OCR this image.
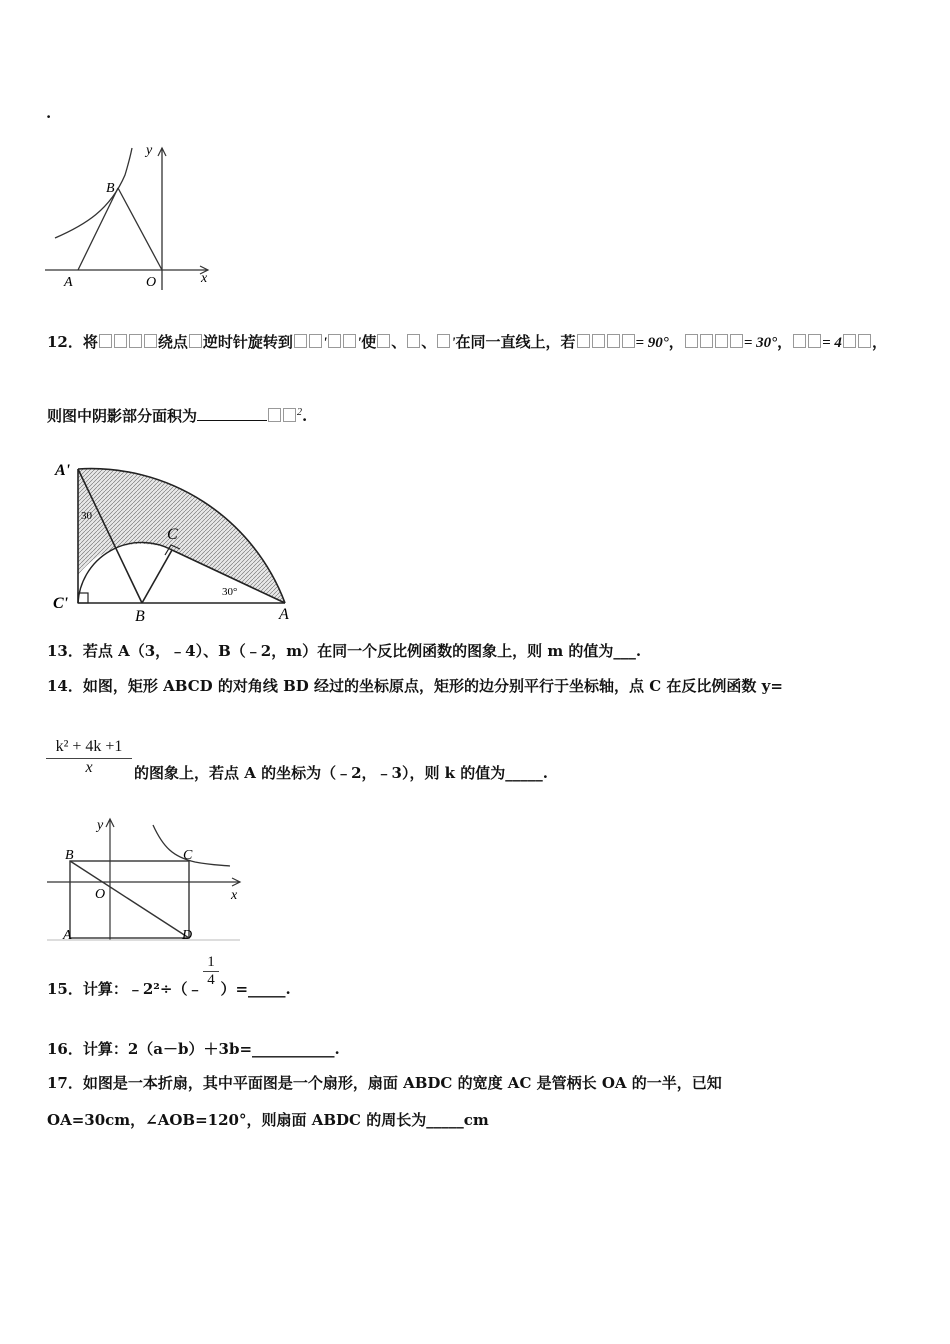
.
y
x
B
A	O
12．将	绕点 逆时针旋转到 ' '使 、 、 '在同一直线上，若	= 90°，	= 30°， = 4 ，
则图中阴影部分面积为	$^2$.
A'
C'
B
C
A
30
30°
13．若点 A（3，﹣4）、B（﹣2，m）在同一个反比例函数的图象上，则 m 的值为___.
14．如图，矩形 ABCD 的对角线 BD 经过的坐标原点，矩形的边分别平行于坐标轴，点 C 在反比例函数 y=
$\frac{\text{k² + 4k +1}}{x}$ 的图象上，若点 A 的坐标为（﹣2，﹣3），则 k 的值为_____.
y
x
B	C
O
A	D
15．计算：﹣2²÷（﹣ ）=_____.
$\frac{1}{4}$
16．计算：2（a－b）＋3b=___________.
17．如图是一本折扇，其中平面图是一个扇形，扇面 ABDC 的宽度 AC 是管柄长 OA 的一半，已知
OA=30cm，∠AOB=120°，则扇面 ABDC 的周长为_____cm
